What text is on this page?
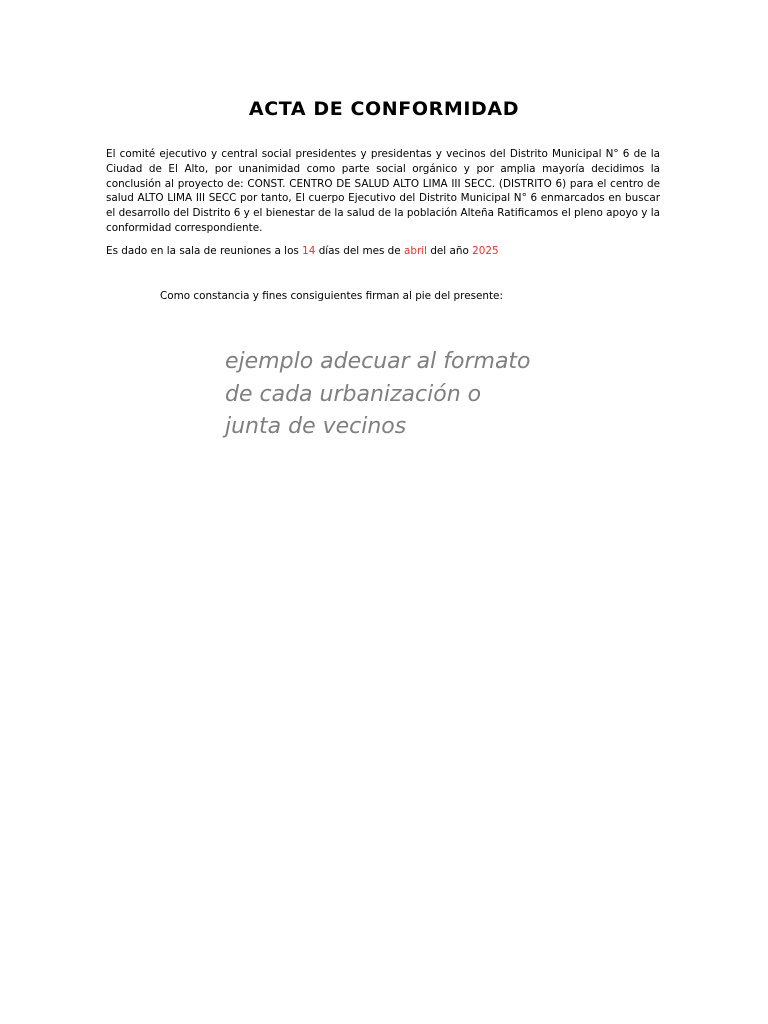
ACTA DE CONFORMIDAD

El comité ejecutivo y central social presidentes y presidentas y vecinos del Distrito Municipal N° 6 de la Ciudad de El Alto, por unanimidad como parte social orgánico y por amplia mayoría decidimos la conclusión al proyecto de: CONST. CENTRO DE SALUD ALTO LIMA III SECC. (DISTRITO 6) para el centro de salud ALTO LIMA III SECC por tanto, El cuerpo Ejecutivo del Distrito Municipal N° 6 enmarcados en buscar el desarrollo del Distrito 6 y el bienestar de la salud de la población Alteña Ratificamos el pleno apoyo y la conformidad correspondiente.

Es dado en la sala de reuniones a los 14 días del mes de abril del año 2025

Como constancia y fines consiguientes firman al pie del presente:

ejemplo adecuar al formato
de cada urbanización o
junta de vecinos
